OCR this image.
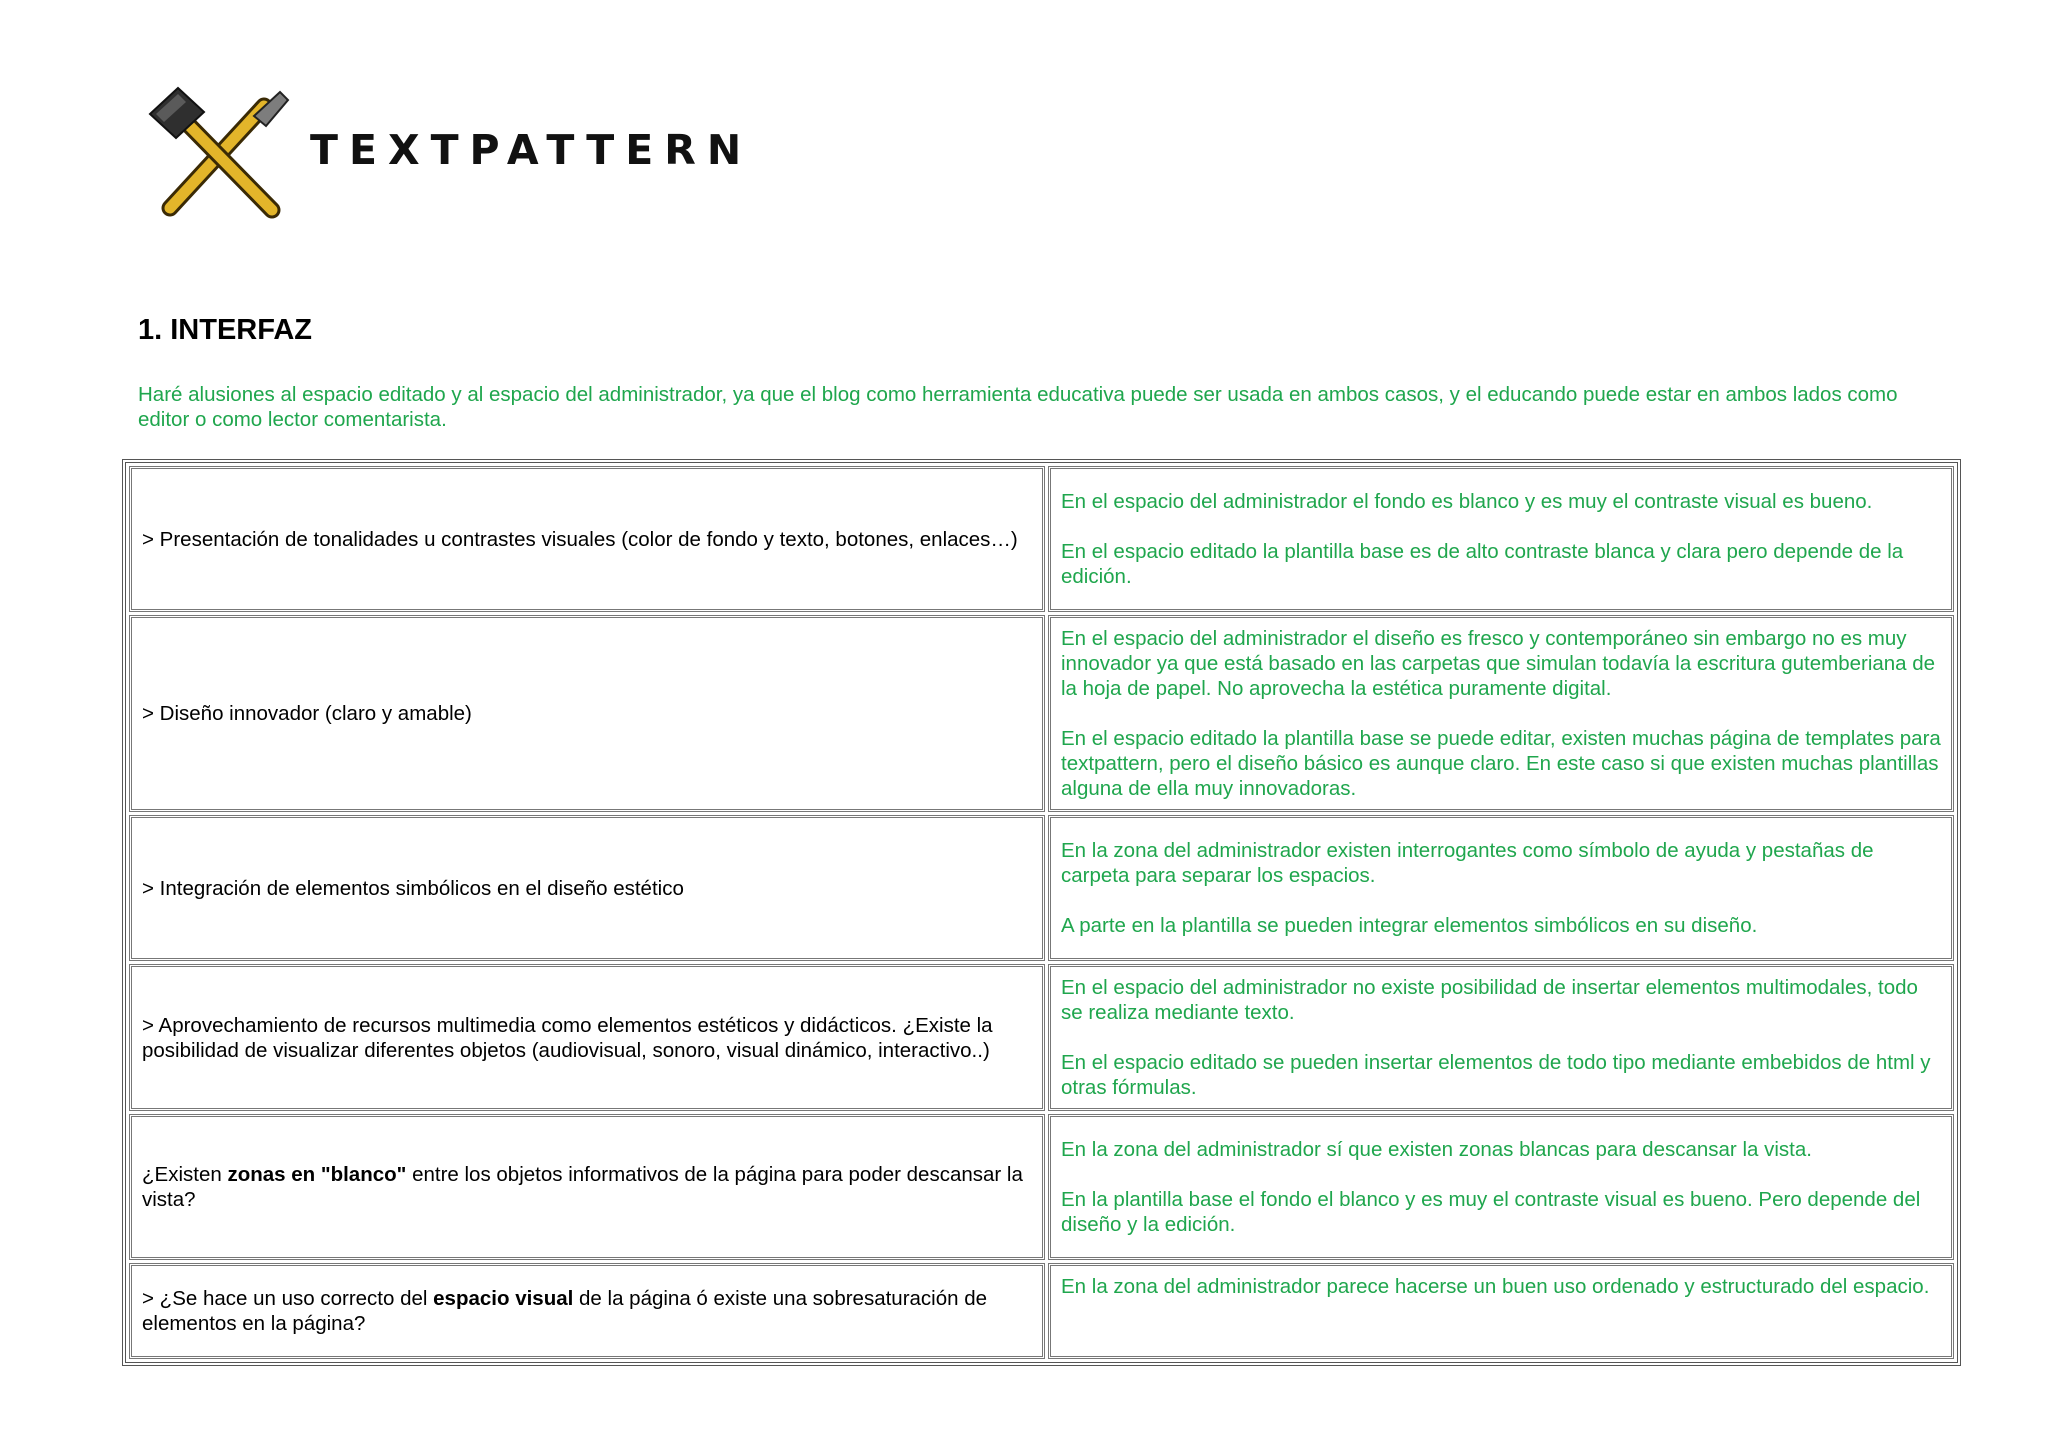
TEXTPATTERN
1. INTERFAZ

Haré alusiones al espacio editado y al espacio del administrador, ya que el blog como herramienta educativa puede ser usada en ambos casos, y el educando puede estar en ambos lados como editor o como lector comentarista.

> Presentación de tonalidades u contrastes visuales (color de fondo y texto, botones, enlaces…)	En el espacio del administrador el fondo es blanco y es muy el contraste visual es bueno.

En el espacio editado la plantilla base es de alto contraste blanca y clara pero depende de la edición.

> Diseño innovador (claro y amable)	En el espacio del administrador el diseño es fresco y contemporáneo sin embargo no es muy innovador ya que está basado en las carpetas que simulan todavía la escritura gutemberiana de la hoja de papel. No aprovecha la estética puramente digital.

En el espacio editado la plantilla base se puede editar, existen muchas página de templates para textpattern, pero el diseño básico es aunque claro. En este caso si que existen muchas plantillas alguna de ella muy innovadoras.

> Integración de elementos simbólicos en el diseño estético	En la zona del administrador existen interrogantes como símbolo de ayuda y pestañas de carpeta para separar los espacios.

A parte en la plantilla se pueden integrar elementos simbólicos en su diseño.

> Aprovechamiento de recursos multimedia como elementos estéticos y didácticos. ¿Existe la posibilidad de visualizar diferentes objetos (audiovisual, sonoro, visual dinámico, interactivo..)	En el espacio del administrador no existe posibilidad de insertar elementos multimodales, todo se realiza mediante texto.

En el espacio editado se pueden insertar elementos de todo tipo mediante embebidos de html y otras fórmulas.

¿Existen zonas en "blanco" entre los objetos informativos de la página para poder descansar la vista?	En la zona del administrador sí que existen zonas blancas para descansar la vista.

En la plantilla base el fondo el blanco y es muy el contraste visual es bueno. Pero depende del diseño y la edición.

> ¿Se hace un uso correcto del espacio visual de la página ó existe una sobresaturación de elementos en la página?	En la zona del administrador parece hacerse un buen uso ordenado y estructurado del espacio.
